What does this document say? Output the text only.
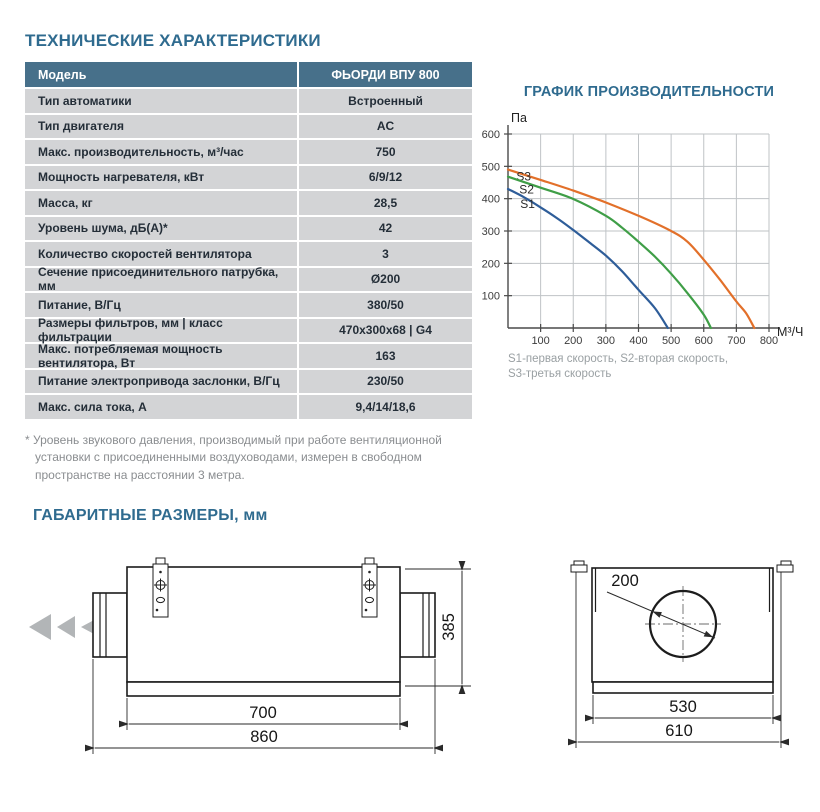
ТЕХНИЧЕСКИЕ ХАРАКТЕРИСТИКИ
ГРАФИК ПРОИЗВОДИТЕЛЬНОСТИ
ГАБАРИТНЫЕ РАЗМЕРЫ, мм
Модель	ФЬОРДИ ВПУ 800
Тип автоматики	Встроенный
Тип двигателя	AC
Макс. производительность, м³/час	750
Мощность нагревателя, кВт	6/9/12
Масса, кг	28,5
Уровень шума, дБ(А)*	42
Количество скоростей вентилятора	3
Сечение присоединительного патрубка, мм	Ø200
Питание, В/Гц	380/50
Размеры фильтров, мм | класс фильтрации	470x300x68 | G4
Макс. потребляемая мощность вентилятора, Вт	163
Питание электропривода заслонки, В/Гц	230/50
Макс. сила тока, А	9,4/14/18,6
* Уровень звукового давления, производимый при работе вентиляционной установки с присоединенными воздуховодами, измерен в свободном пространстве на расстоянии 3 метра.
100
200
300
400
500
600
100 200 300 400 500 600 700 800
Па
М³/Ч
S3
S2
S1
S1-первая скорость, S2-вторая скорость,
S3-третья скорость
385
700
860
200
530
610
